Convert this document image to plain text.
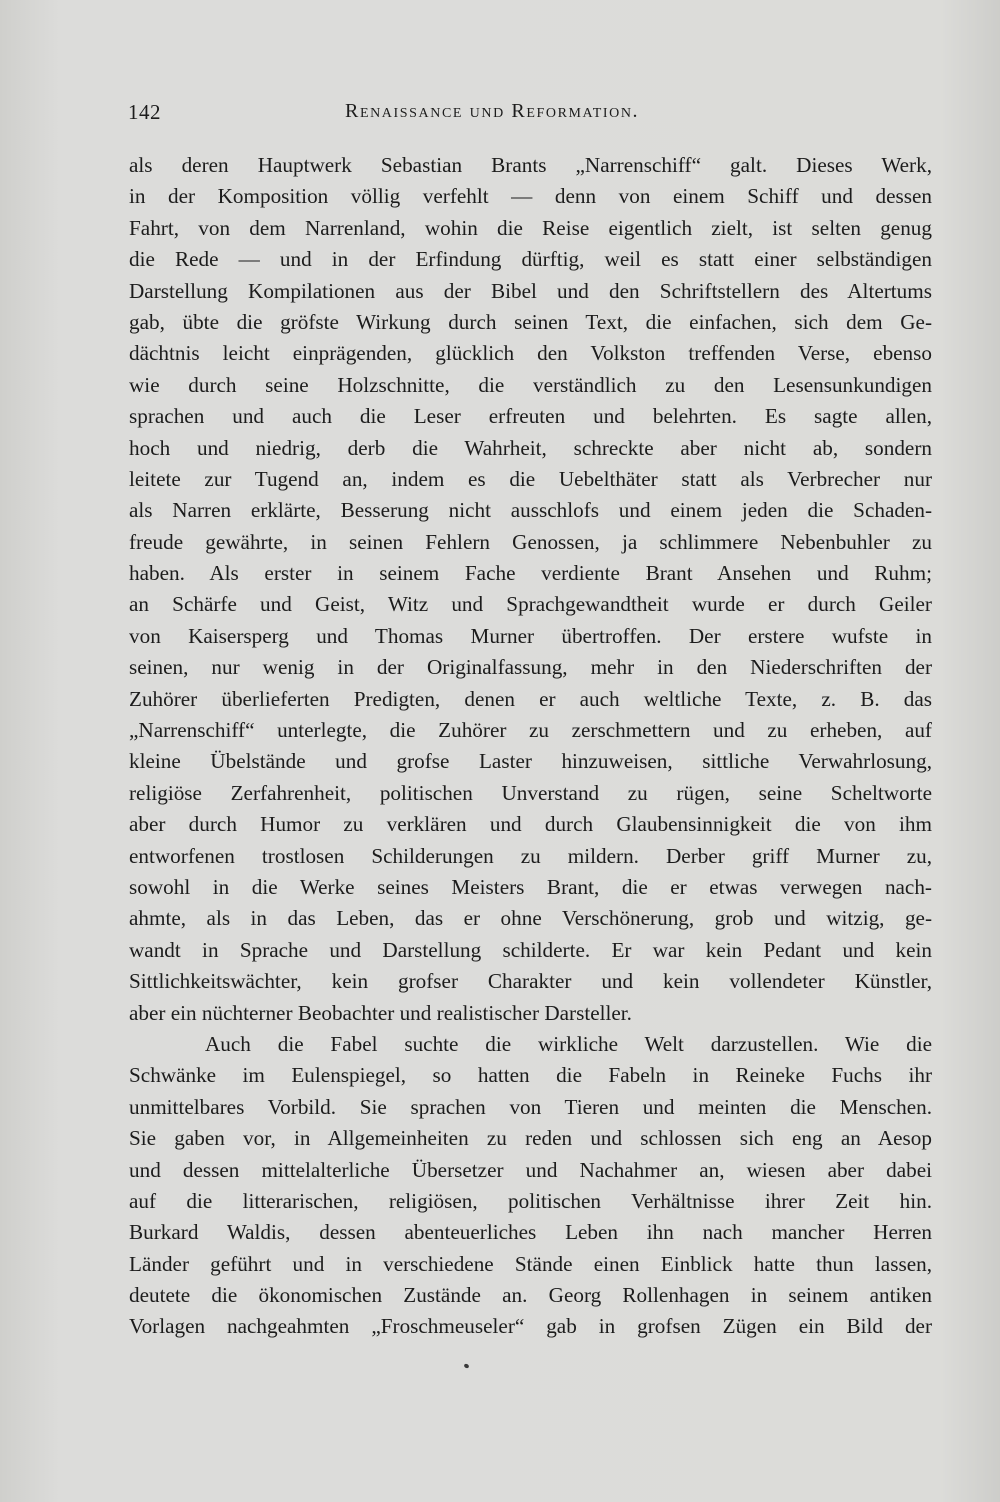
142	Renaissance und Reformation.
als deren Hauptwerk Sebastian Brants „Narrenschiff“ galt. Dieses Werk,
in der Komposition völlig verfehlt — denn von einem Schiff und dessen
Fahrt, von dem Narrenland, wohin die Reise eigentlich zielt, ist selten genug
die Rede — und in der Erfindung dürftig, weil es statt einer selbständigen
Darstellung Kompilationen aus der Bibel und den Schriftstellern des Altertums
gab, übte die gröfste Wirkung durch seinen Text, die einfachen, sich dem Ge-
dächtnis leicht einprägenden, glücklich den Volkston treffenden Verse, ebenso
wie durch seine Holzschnitte, die verständlich zu den Lesensunkundigen
sprachen und auch die Leser erfreuten und belehrten. Es sagte allen,
hoch und niedrig, derb die Wahrheit, schreckte aber nicht ab, sondern
leitete zur Tugend an, indem es die Uebelthäter statt als Verbrecher nur
als Narren erklärte, Besserung nicht ausschlofs und einem jeden die Schaden-
freude gewährte, in seinen Fehlern Genossen, ja schlimmere Nebenbuhler zu
haben. Als erster in seinem Fache verdiente Brant Ansehen und Ruhm;
an Schärfe und Geist, Witz und Sprachgewandtheit wurde er durch Geiler
von Kaisersperg und Thomas Murner übertroffen. Der erstere wufste in
seinen, nur wenig in der Originalfassung, mehr in den Niederschriften der
Zuhörer überlieferten Predigten, denen er auch weltliche Texte, z. B. das
„Narrenschiff“ unterlegte, die Zuhörer zu zerschmettern und zu erheben, auf
kleine Übelstände und grofse Laster hinzuweisen, sittliche Verwahrlosung,
religiöse Zerfahrenheit, politischen Unverstand zu rügen, seine Scheltworte
aber durch Humor zu verklären und durch Glaubensinnigkeit die von ihm
entworfenen trostlosen Schilderungen zu mildern. Derber griff Murner zu,
sowohl in die Werke seines Meisters Brant, die er etwas verwegen nach-
ahmte, als in das Leben, das er ohne Verschönerung, grob und witzig, ge-
wandt in Sprache und Darstellung schilderte. Er war kein Pedant und kein
Sittlichkeitswächter, kein grofser Charakter und kein vollendeter Künstler,
aber ein nüchterner Beobachter und realistischer Darsteller.
Auch die Fabel suchte die wirkliche Welt darzustellen. Wie die
Schwänke im Eulenspiegel, so hatten die Fabeln in Reineke Fuchs ihr
unmittelbares Vorbild. Sie sprachen von Tieren und meinten die Menschen.
Sie gaben vor, in Allgemeinheiten zu reden und schlossen sich eng an Aesop
und dessen mittelalterliche Übersetzer und Nachahmer an, wiesen aber dabei
auf die litterarischen, religiösen, politischen Verhältnisse ihrer Zeit hin.
Burkard Waldis, dessen abenteuerliches Leben ihn nach mancher Herren
Länder geführt und in verschiedene Stände einen Einblick hatte thun lassen,
deutete die ökonomischen Zustände an. Georg Rollenhagen in seinem antiken
Vorlagen nachgeahmten „Froschmeuseler“ gab in grofsen Zügen ein Bild der
